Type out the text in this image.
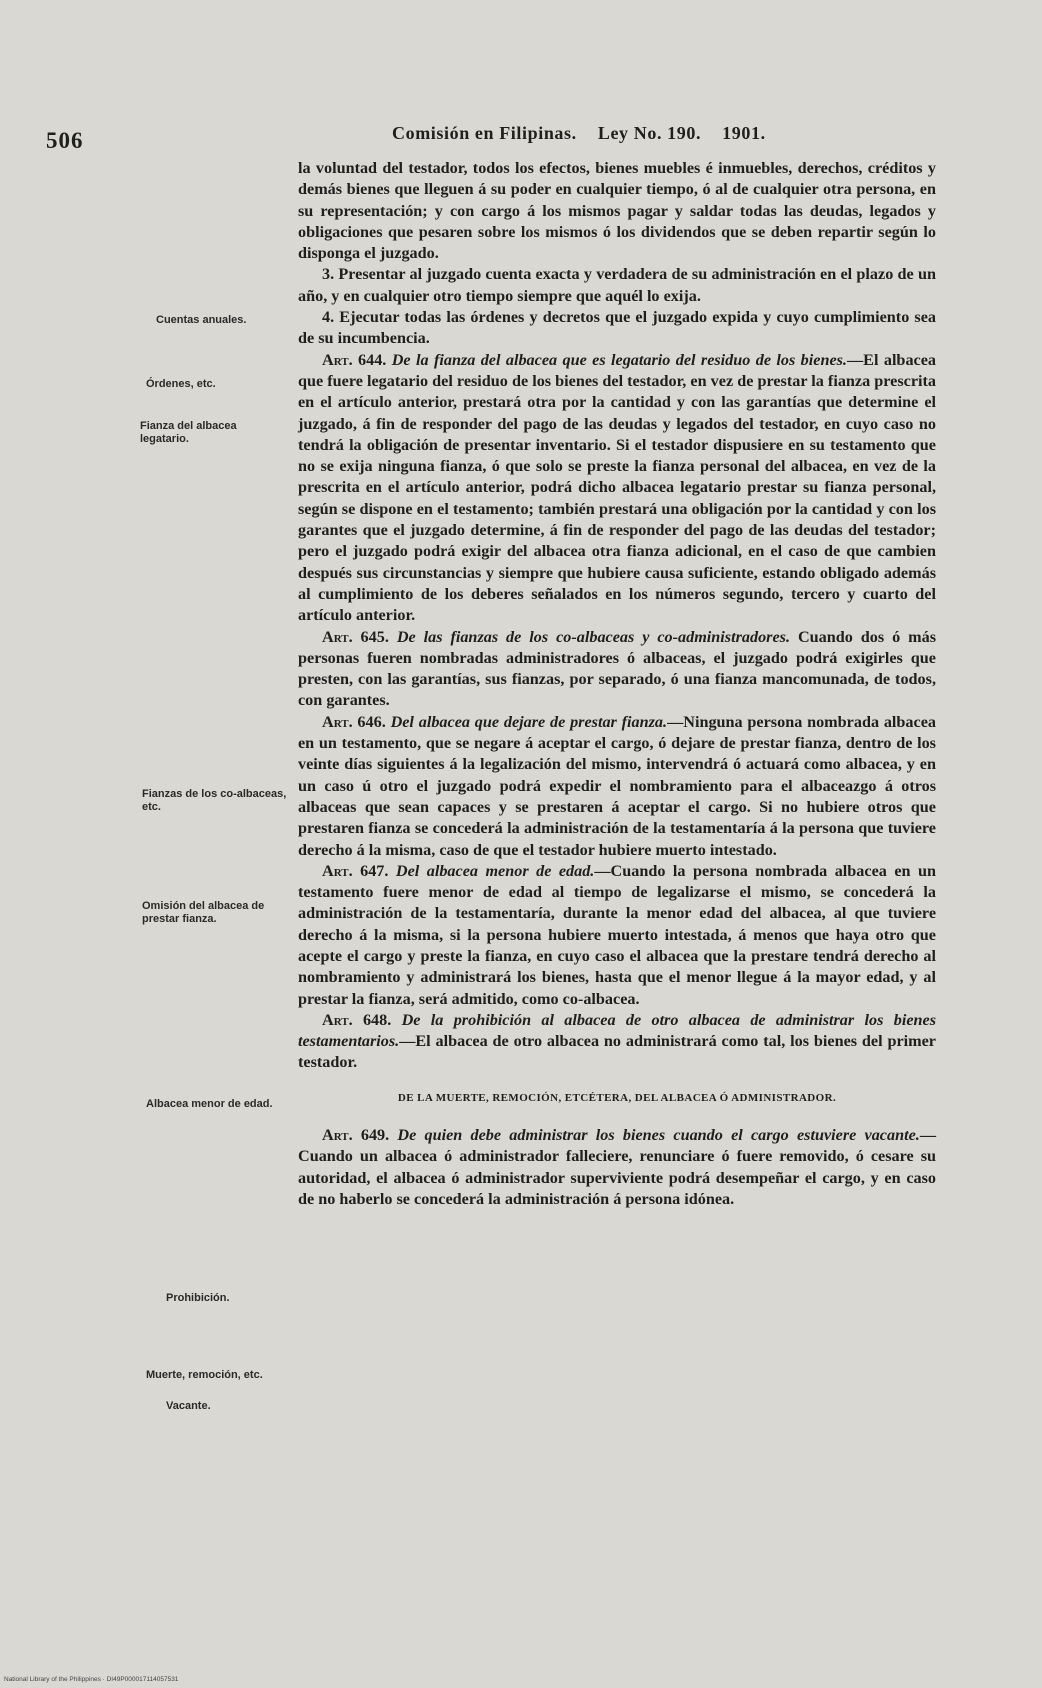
506	Comisión en Filipinas. Ley No. 190. 1901.
Cuentas anuales.
Órdenes, etc.
Fianza del albacea legatario.
Fianzas de los co-albaceas, etc.
Omisión del albacea de prestar fianza.
Albacea menor de edad.
Prohibición.
Muerte, remoción, etc.
Vacante.

la voluntad del testador, todos los efectos, bienes muebles é inmuebles, derechos, créditos y demás bienes que lleguen á su poder en cualquier tiempo, ó al de cualquier otra persona, en su representación; y con cargo á los mismos pagar y saldar todas las deudas, legados y obligaciones que pesaren sobre los mismos ó los dividendos que se deben repartir según lo disponga el juzgado.

3. Presentar al juzgado cuenta exacta y verdadera de su administración en el plazo de un año, y en cualquier otro tiempo siempre que aquél lo exija.

4. Ejecutar todas las órdenes y decretos que el juzgado expida y cuyo cumplimiento sea de su incumbencia.

Art. 644. De la fianza del albacea que es legatario del residuo de los bienes.—El albacea que fuere legatario del residuo de los bienes del testador, en vez de prestar la fianza prescrita en el artículo anterior, prestará otra por la cantidad y con las garantías que determine el juzgado, á fin de responder del pago de las deudas y legados del testador, en cuyo caso no tendrá la obligación de presentar inventario. Si el testador dispusiere en su testamento que no se exija ninguna fianza, ó que solo se preste la fianza personal del albacea, en vez de la prescrita en el artículo anterior, podrá dicho albacea legatario prestar su fianza personal, según se dispone en el testamento; también prestará una obligación por la cantidad y con los garantes que el juzgado determine, á fin de responder del pago de las deudas del testador; pero el juzgado podrá exigir del albacea otra fianza adicional, en el caso de que cambien después sus circunstancias y siempre que hubiere causa suficiente, estando obligado además al cumplimiento de los deberes señalados en los números segundo, tercero y cuarto del artículo anterior.

Art. 645. De las fianzas de los co-albaceas y co-administradores. Cuando dos ó más personas fueren nombradas administradores ó albaceas, el juzgado podrá exigirles que presten, con las garantías, sus fianzas, por separado, ó una fianza mancomunada, de todos, con garantes.

Art. 646. Del albacea que dejare de prestar fianza.—Ninguna persona nombrada albacea en un testamento, que se negare á aceptar el cargo, ó dejare de prestar fianza, dentro de los veinte días siguientes á la legalización del mismo, intervendrá ó actuará como albacea, y en un caso ú otro el juzgado podrá expedir el nombramiento para el albaceazgo á otros albaceas que sean capaces y se prestaren á aceptar el cargo. Si no hubiere otros que prestaren fianza se concederá la administración de la testamentaría á la persona que tuviere derecho á la misma, caso de que el testador hubiere muerto intestado.

Art. 647. Del albacea menor de edad.—Cuando la persona nombrada albacea en un testamento fuere menor de edad al tiempo de legalizarse el mismo, se concederá la administración de la testamentaría, durante la menor edad del albacea, al que tuviere derecho á la misma, si la persona hubiere muerto intestada, á menos que haya otro que acepte el cargo y preste la fianza, en cuyo caso el albacea que la prestare tendrá derecho al nombramiento y administrará los bienes, hasta que el menor llegue á la mayor edad, y al prestar la fianza, será admitido, como co-albacea.

Art. 648. De la prohibición al albacea de otro albacea de administrar los bienes testamentarios.—El albacea de otro albacea no administrará como tal, los bienes del primer testador.

DE LA MUERTE, REMOCIÓN, ETCÉTERA, DEL ALBACEA Ó ADMINISTRADOR.

Art. 649. De quien debe administrar los bienes cuando el cargo estuviere vacante.—Cuando un albacea ó administrador falleciere, renunciare ó fuere removido, ó cesare su autoridad, el albacea ó administrador superviviente podrá desempeñar el cargo, y en caso de no haberlo se concederá la administración á persona idónea.

National Library of the Philippines · DI49P000017114057531
